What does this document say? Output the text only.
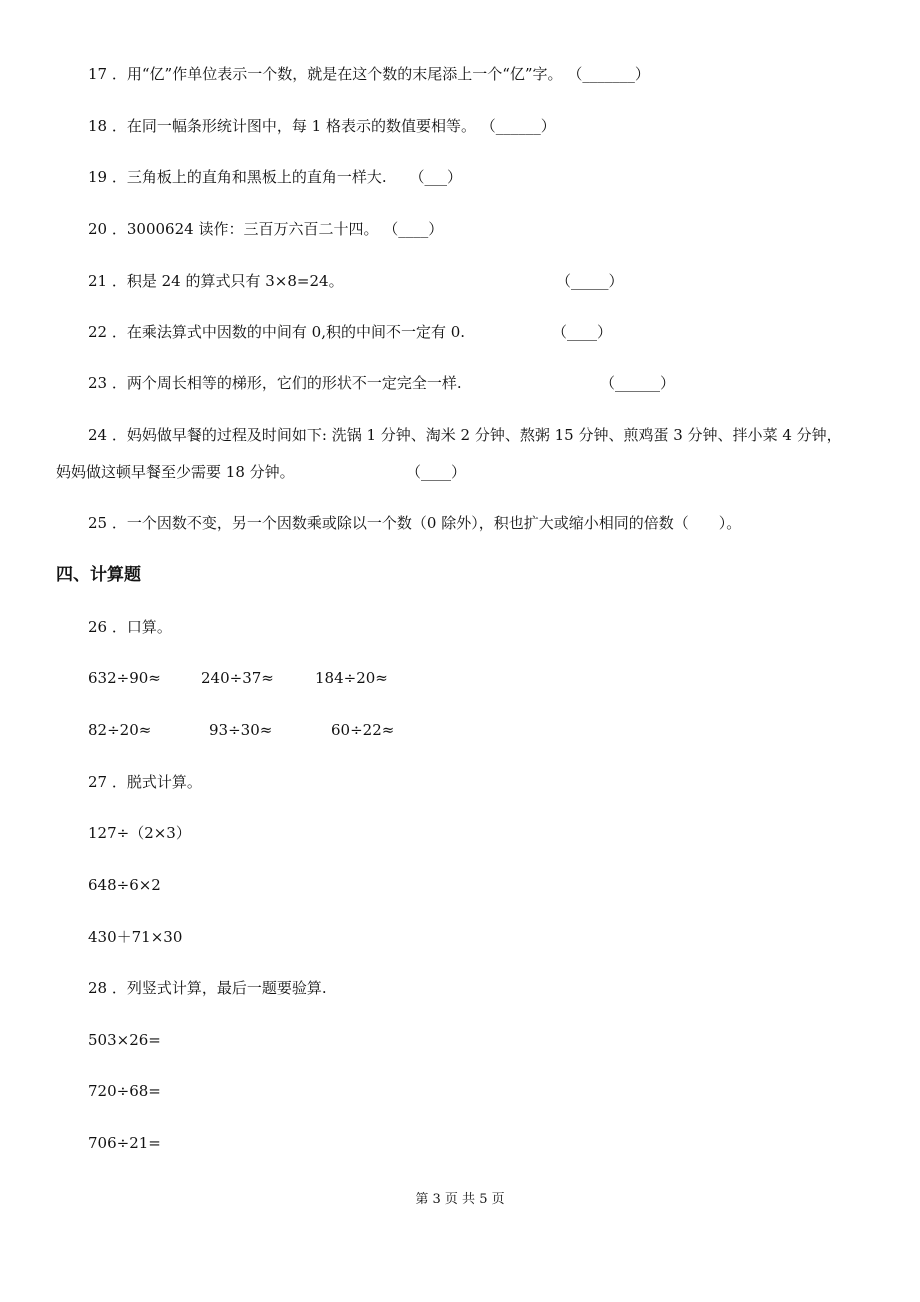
17 ．用“亿”作单位表示一个数，就是在这个数的末尾添上一个“亿”字。 （_______）
18 ．在同一幅条形统计图中，每 1 格表示的数值要相等。 （______）
19 ．三角板上的直角和黑板上的直角一样大. （___）
20 ．3000624 读作：三百万六百二十四。 （____）
21 ．积是 24 的算式只有 3×8=24。	（_____）
22 ．在乘法算式中因数的中间有 0,积的中间不一定有 0.	（____）
23 ．两个周长相等的梯形，它们的形状不一定完全一样.	（______）
24 ．妈妈做早餐的过程及时间如下: 洗锅 1 分钟、淘米 2 分钟、熬粥 15 分钟、煎鸡蛋 3 分钟、拌小菜 4 分钟，
妈妈做这顿早餐至少需要 18 分钟。	（____）
25 ．一个因数不变，另一个因数乘或除以一个数（0 除外），积也扩大或缩小相同的倍数（　　）。
四、计算题
26 ．口算。
632÷90≈	240÷37≈	184÷20≈
82÷20≈	93÷30≈	60÷22≈
27 ．脱式计算。
127÷（2×3）
648÷6×2
430＋71×30
28 ．列竖式计算，最后一题要验算.
503×26=
720÷68=
706÷21=
第 3 页 共 5 页
